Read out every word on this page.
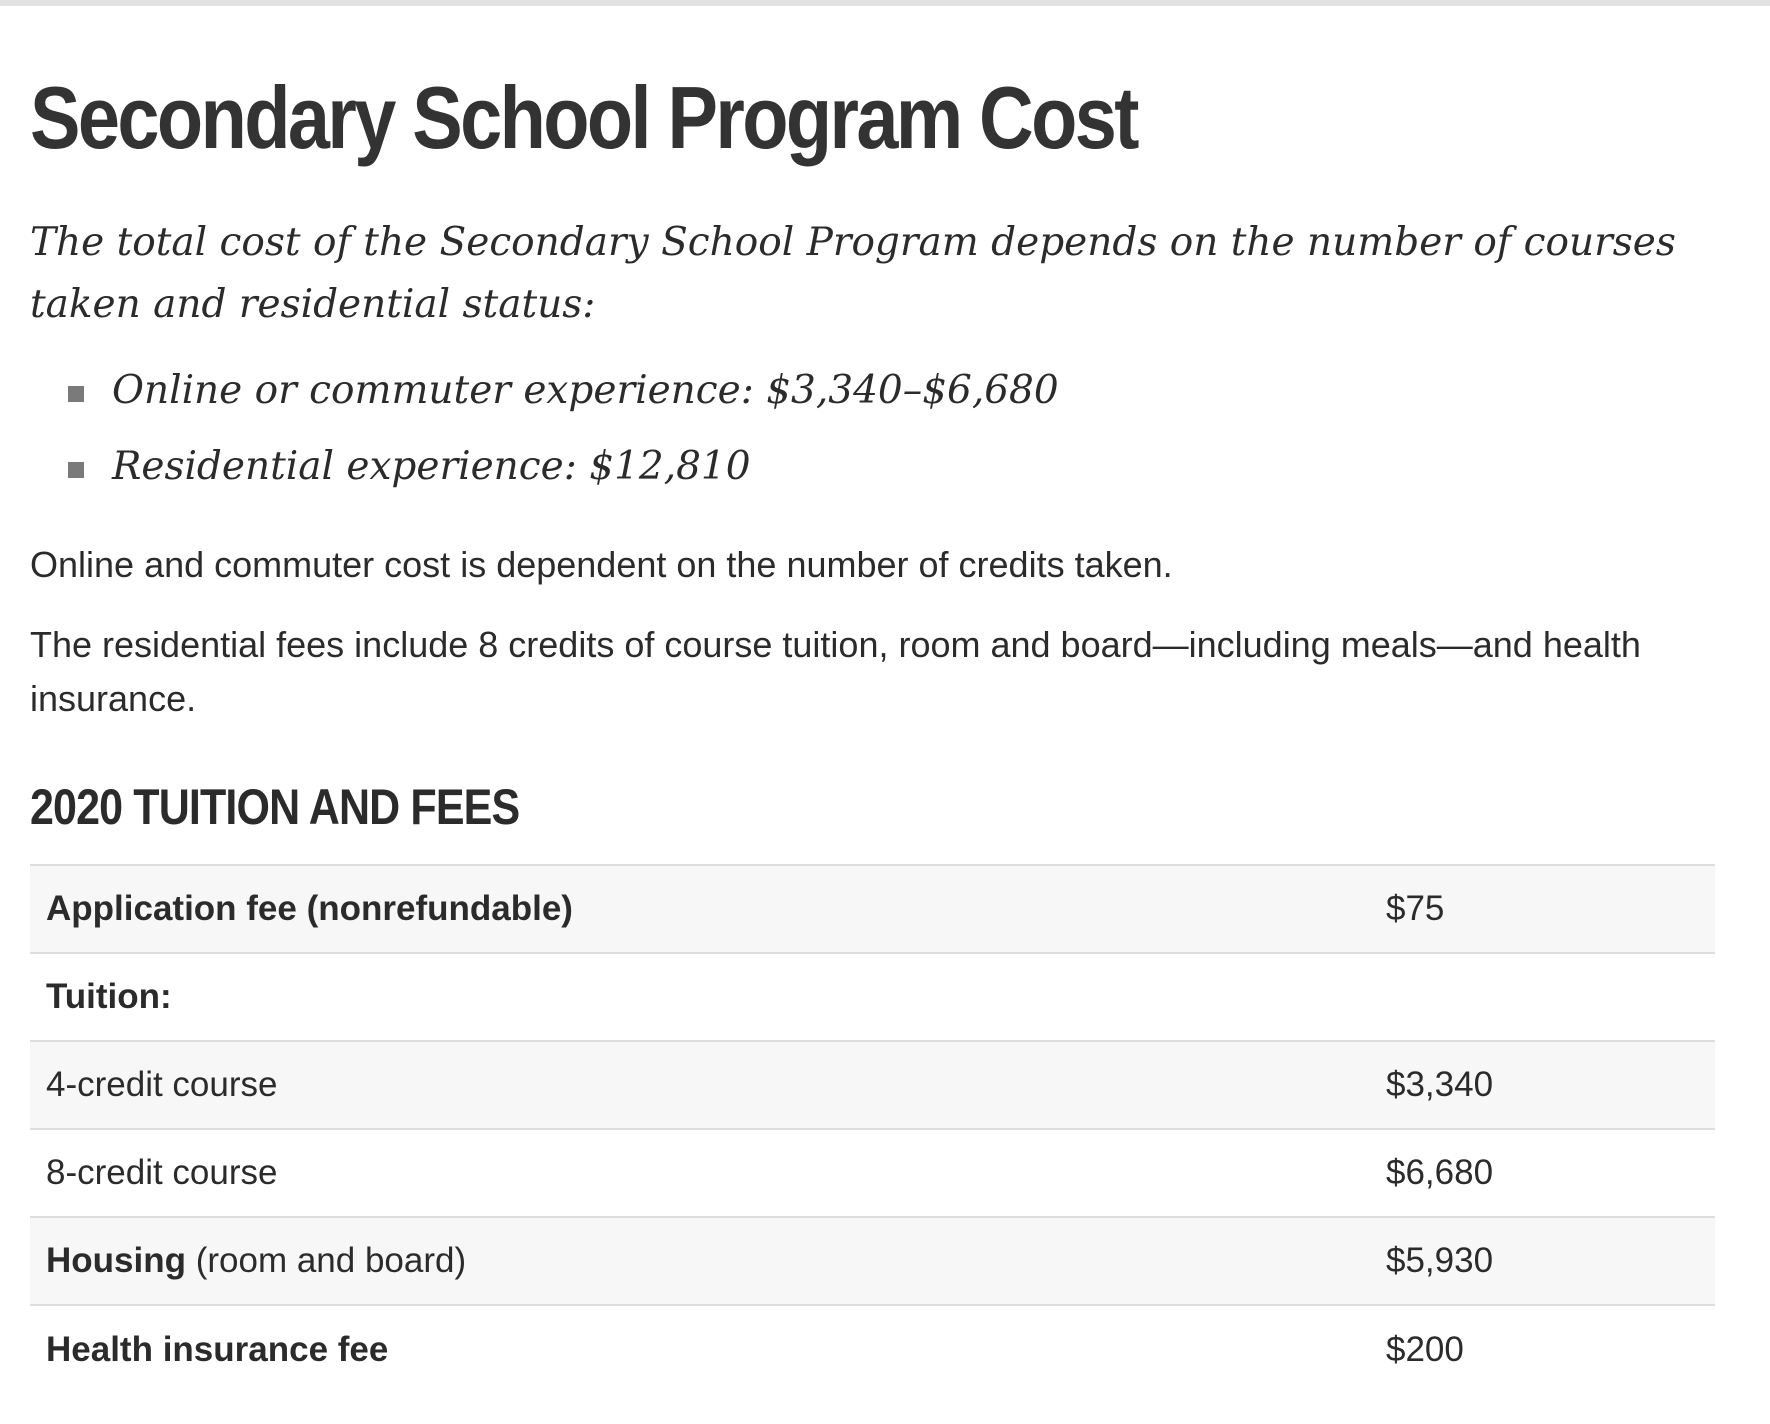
Secondary School Program Cost

The total cost of the Secondary School Program depends on the number of courses taken and residential status:

Online or commuter experience: $3,340–$6,680
Residential experience: $12,810

Online and commuter cost is dependent on the number of credits taken.

The residential fees include 8 credits of course tuition, room and board—including meals—and health insurance.

2020 TUITION AND FEES
Application fee (nonrefundable)	$75
Tuition:	
4-credit course	$3,340
8-credit course	$6,680
Housing (room and board)	$5,930
Health insurance fee	$200
